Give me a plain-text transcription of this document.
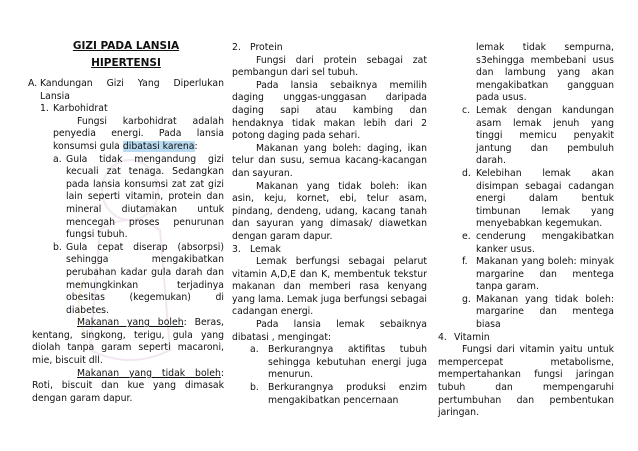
GIZI PADA LANSIA
HIPERTENSI
A. Kandungan Gizi Yang Diperlukan Lansia
1. Karbohidrat

Fungsi karbohidrat adalah penyedia energi. Pada lansia konsumsi gula dibatasi karena:

a. Gula tidak mengandung gizi kecuali zat tenaga. Sedangkan pada lansia konsumsi zat zat gizi lain seperti vitamin, protein dan mineral diutamakan untuk mencegah proses penurunan fungsi tubuh.
b. Gula cepat diserap (absorpsi) sehingga mengakibatkan perubahan kadar gula darah dan memungkinkan terjadinya obesitas (kegemukan) di diabetes.

Makanan yang boleh: Beras, kentang, singkong, terigu, gula yang diolah tanpa garam seperti macaroni, mie, biscuit dll.

Makanan yang tidak boleh: Roti, biscuit dan kue yang dimasak dengan garam dapur.

2. Protein

Fungsi dari protein sebagai zat pembangun dari sel tubuh.

Pada lansia sebaiknya memilih daging unggas-unggasan daripada daging sapi atau kambing dan hendaknya tidak makan lebih dari 2 potong daging pada sehari.

Makanan yang boleh: daging, ikan telur dan susu, semua kacang-kacangan dan sayuran.

Makanan yang tidak boleh: ikan asin, keju, kornet, ebi, telur asam, pindang, dendeng, udang, kacang tanah dan sayuran yang dimasak/ diawetkan dengan garam dapur.

3. Lemak

Lemak berfungsi sebagai pelarut vitamin A,D,E dan K, membentuk tekstur makanan dan memberi rasa kenyang yang lama. Lemak juga berfungsi sebagai cadangan energi.

Pada lansia lemak sebaiknya dibatasi , mengingat:

a.	Berkurangnya aktifitas tubuh sehingga kebutuhan energi juga menurun.
b. Berkurangnya produksi enzim mengakibatkan pencernaan

lemak tidak sempurna, s3ehingga membebani usus dan lambung yang akan mengakibatkan gangguan pada usus.

c. Lemak dengan kandungan asam lemak jenuh yang tinggi memicu penyakit jantung dan pembuluh darah.
d. Kelebihan lemak akan disimpan sebagai cadangan energi dalam bentuk timbunan lemak yang menyebabkan kegemukan.
e. cenderung mengakibatkan kanker usus.
f. Makanan yang boleh: minyak margarine dan mentega tanpa garam.
g. Makanan yang tidak boleh: margarine dan mentega biasa
4. Vitamin

Fungsi dari vitamin yaitu untuk mempercepat metabolisme, mempertahankan fungsi jaringan tubuh dan mempengaruhi pertumbuhan dan pembentukan jaringan.
